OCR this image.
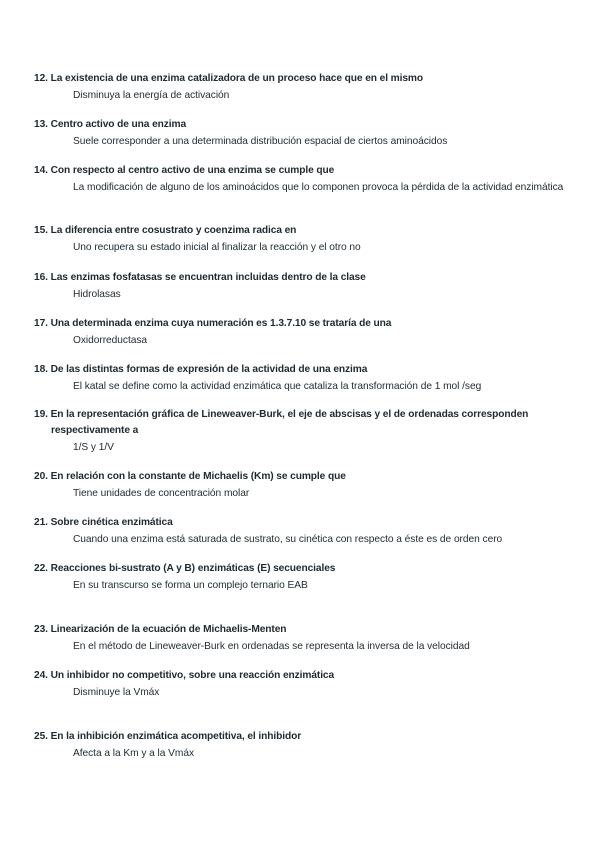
12. La existencia de una enzima catalizadora de un proceso hace que en el mismo
Disminuya la energía de activación
13. Centro activo de una enzima
Suele corresponder a una determinada distribución espacial de ciertos aminoácidos
14. Con respecto al centro activo de una enzima se cumple que
La modificación de alguno de los aminoácidos que lo componen provoca la pérdida de la actividad enzimática
15. La diferencia entre cosustrato y coenzima radica en
Uno recupera su estado inicial al finalizar la reacción y el otro no
16. Las enzimas fosfatasas se encuentran incluidas dentro de la clase
Hidrolasas
17. Una determinada enzima cuya numeración es 1.3.7.10 se trataría de una
Oxidorreductasa
18. De las distintas formas de expresión de la actividad de una enzima
El katal se define como la actividad enzimática que cataliza la transformación de 1 mol /seg
19. En la representación gráfica de Lineweaver-Burk, el eje de abscisas y el de ordenadas corresponden respectivamente a
1/S y 1/V
20. En relación con la constante de Michaelis (Km) se cumple que
Tiene unidades de concentración molar
21. Sobre cinética enzimática
Cuando una enzima está saturada de sustrato, su cinética con respecto a éste es de orden cero
22. Reacciones bi-sustrato (A y B) enzimáticas (E) secuenciales
En su transcurso se forma un complejo ternario EAB
23. Linearización de la ecuación de Michaelis-Menten
En el método de Lineweaver-Burk en ordenadas se representa la inversa de la velocidad
24. Un inhibidor no competitivo, sobre una reacción enzimática
Disminuye la Vmáx
25. En la inhibición enzimática acompetitiva, el inhibidor
Afecta a la Km y a la Vmáx
